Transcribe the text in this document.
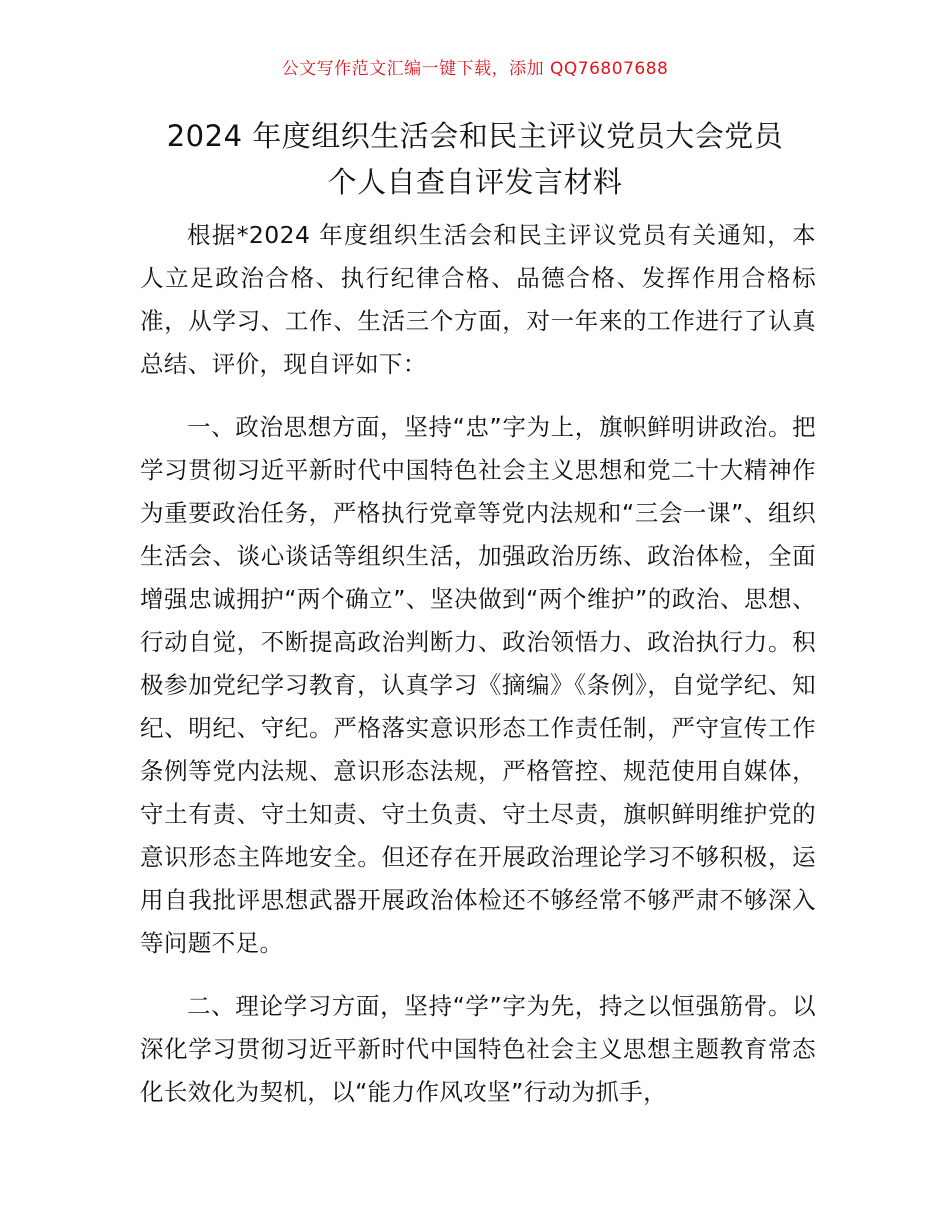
公文写作范文汇编一键下载，添加 QQ76807688
2024 年度组织生活会和民主评议党员大会党员
个人自查自评发言材料

根据*2024 年度组织生活会和民主评议党员有关通知，本人立足政治合格、执行纪律合格、品德合格、发挥作用合格标准，从学习、工作、生活三个方面，对一年来的工作进行了认真总结、评价，现自评如下：

一、政治思想方面，坚持“忠”字为上，旗帜鲜明讲政治。把学习贯彻习近平新时代中国特色社会主义思想和党二十大精神作为重要政治任务，严格执行党章等党内法规和“三会一课”、组织生活会、谈心谈话等组织生活，加强政治历练、政治体检，全面增强忠诚拥护“两个确立”、坚决做到“两个维护”的政治、思想、行动自觉，不断提高政治判断力、政治领悟力、政治执行力。积极参加党纪学习教育，认真学习《摘编》《条例》，自觉学纪、知纪、明纪、守纪。严格落实意识形态工作责任制，严守宣传工作条例等党内法规、意识形态法规，严格管控、规范使用自媒体，守土有责、守土知责、守土负责、守土尽责，旗帜鲜明维护党的意识形态主阵地安全。但还存在开展政治理论学习不够积极，运用自我批评思想武器开展政治体检还不够经常不够严肃不够深入等问题不足。

二、理论学习方面，坚持“学”字为先，持之以恒强筋骨。以深化学习贯彻习近平新时代中国特色社会主义思想主题教育常态化长效化为契机，以“能力作风攻坚”行动为抓手，
